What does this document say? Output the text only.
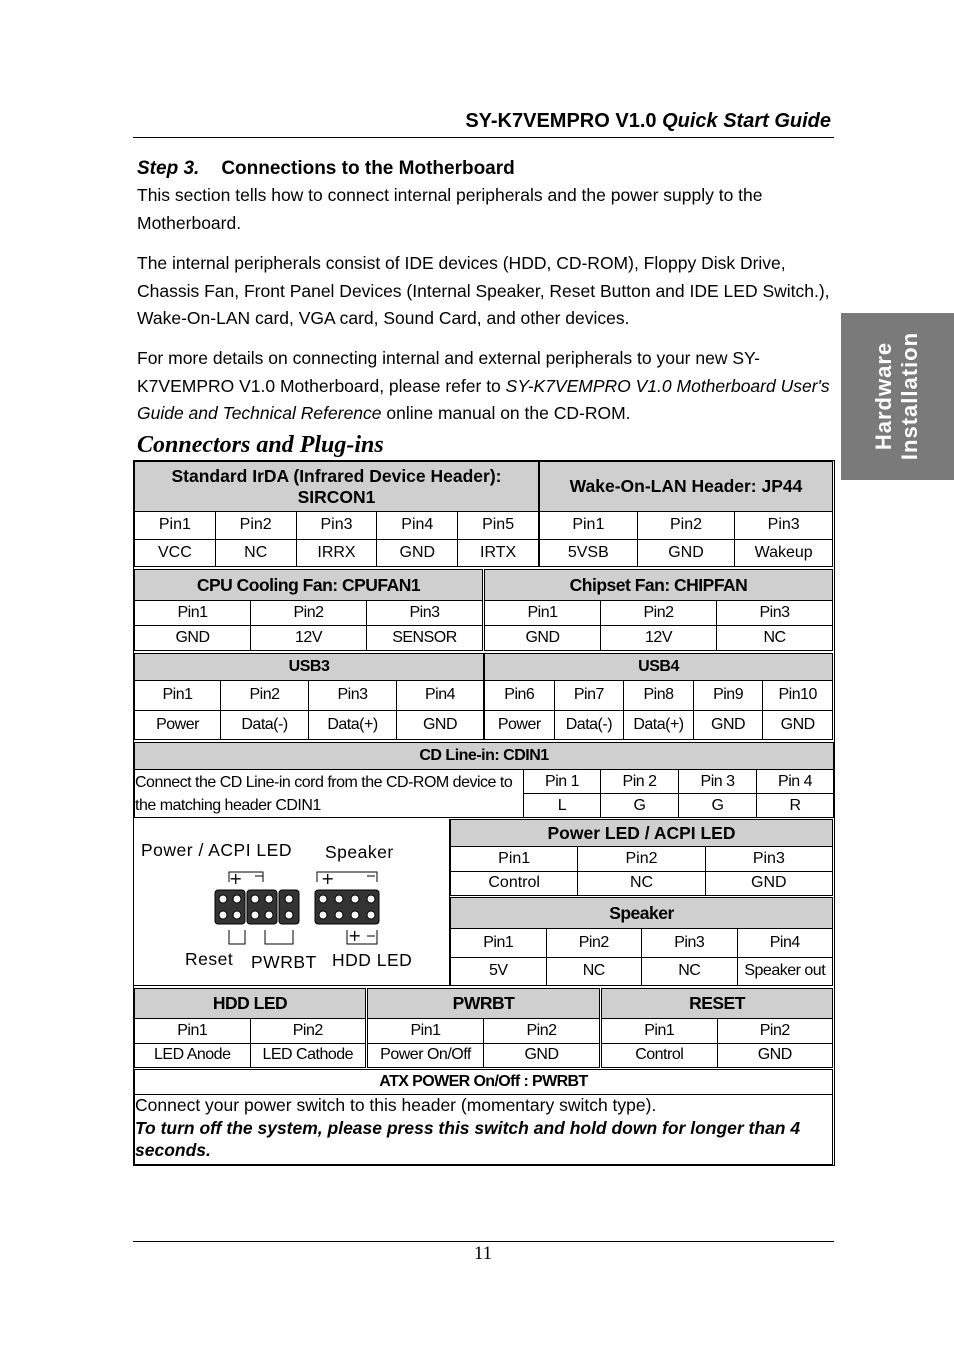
SY-K7VEMPRO V1.0 Quick Start Guide
Hardware
Installation
Step 3. Connections to the Motherboard
This section tells how to connect internal peripherals and the power supply to the Motherboard.
The internal peripherals consist of IDE devices (HDD, CD-ROM), Floppy Disk Drive, Chassis Fan, Front Panel Devices (Internal Speaker, Reset Button and IDE LED Switch.), Wake-On-LAN card, VGA card, Sound Card, and other devices.
For more details on connecting internal and external peripherals to your new SY-K7VEMPRO V1.0 Motherboard, please refer to SY-K7VEMPRO V1.0 Motherboard User's Guide and Technical Reference online manual on the CD-ROM.
Connectors and Plug-ins
Standard IrDA (Infrared Device Header):
SIRCON1				
Pin1	Pin2	Pin3	Pin4	Pin5
VCC	NC	IRRX	GND	IRTX
Wake-On-LAN Header: JP44		
Pin1	Pin2	Pin3
5VSB	GND	Wakeup
CPU Cooling Fan: CPUFAN1		
Pin1	Pin2	Pin3
GND	12V	SENSOR
Chipset Fan: CHIPFAN		
Pin1	Pin2	Pin3
GND	12V	NC
USB3			
Pin1	Pin2	Pin3	Pin4
Power	Data(-)	Data(+)	GND
USB4				
Pin6	Pin7	Pin8	Pin9	Pin10
Power	Data(-)	Data(+)	GND	GND
CD Line-in: CDIN1				
Connect the CD Line-in cord from the CD-ROM device to
the matching header CDIN1	Pin 1	Pin 2	Pin 3	Pin 4
	L	G	G	R
Power / ACPI LED Speaker
Reset PWRBT HDD LED
+	+
+
Power LED / ACPI LED		
Pin1	Pin2	Pin3
Control	NC	GND
Speaker			
Pin1	Pin2	Pin3	Pin4
5V	NC	NC	Speaker out
HDD LED	
Pin1	Pin2
LED Anode	LED Cathode
PWRBT	
Pin1	Pin2
Power On/Off	GND
RESET	
Pin1	Pin2
Control	GND
ATX POWER On/Off : PWRBT

Connect your power switch to this header (momentary switch type).
To turn off the system, please press this switch and hold down for longer than 4 seconds.
11
